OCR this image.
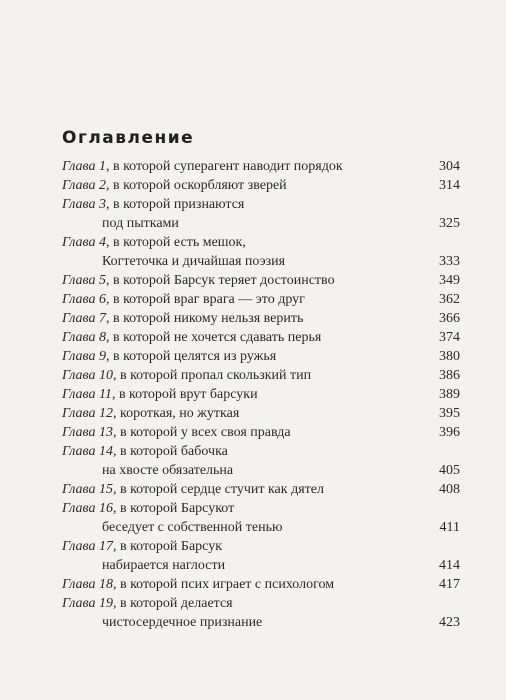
Оглавление
Глава 1, в которой суперагент наводит порядок	304
Глава 2, в которой оскорбляют зверей	314
Глава 3, в которой признаются
под пытками	325
Глава 4, в которой есть мешок,
Когтеточка и дичайшая поэзия	333
Глава 5, в которой Барсук теряет достоинство	349
Глава 6, в которой враг врага — это друг	362
Глава 7, в которой никому нельзя верить	366
Глава 8, в которой не хочется сдавать перья	374
Глава 9, в которой целятся из ружья	380
Глава 10, в которой пропал скользкий тип	386
Глава 11, в которой врут барсуки	389
Глава 12, короткая, но жуткая	395
Глава 13, в которой у всех своя правда	396
Глава 14, в которой бабочка
на хвосте обязательна	405
Глава 15, в которой сердце стучит как дятел	408
Глава 16, в которой Барсукот
беседует с собственной тенью	411
Глава 17, в которой Барсук
набирается наглости	414
Глава 18, в которой псих играет с психологом	417
Глава 19, в которой делается
чистосердечное признание	423
